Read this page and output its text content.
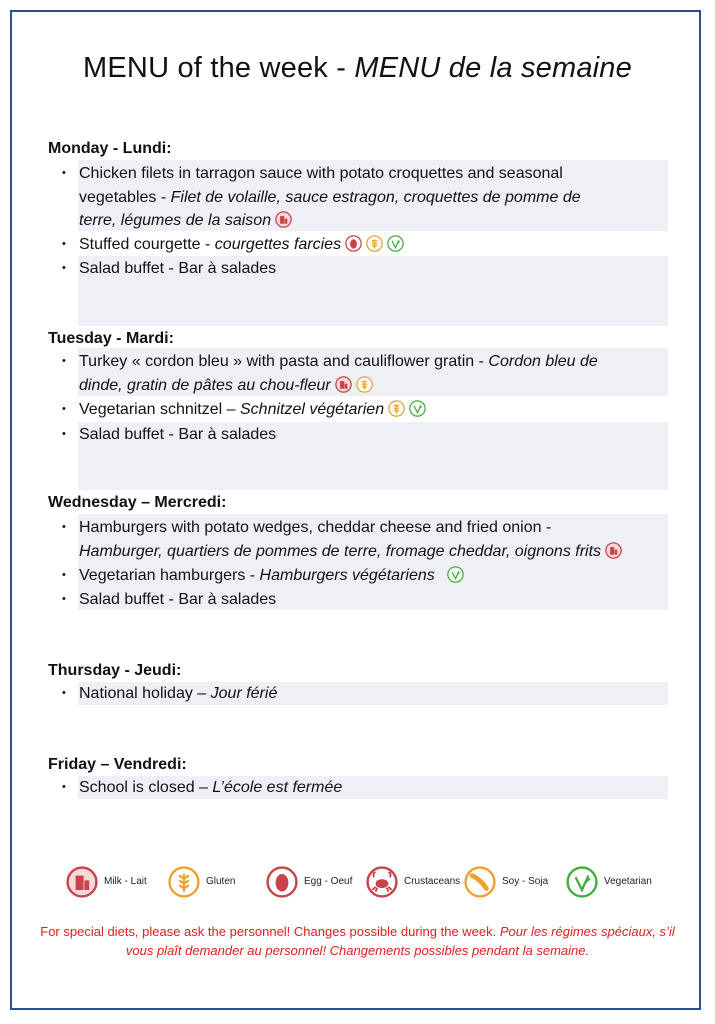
MENU of the week - MENU de la semaine
Monday - Lundi:
• Chicken filets in tarragon sauce with potato croquettes and seasonal
vegetables - Filet de volaille, sauce estragon, croquettes de pomme de
terre, légumes de la saison
• Stuffed courgette - courgettes farcies
• Salad buffet - Bar à salades
Tuesday - Mardi:
• Turkey « cordon bleu » with pasta and cauliflower gratin - Cordon bleu de
dinde, gratin de pâtes au chou-fleur
• Vegetarian schnitzel – Schnitzel végétarien
• Salad buffet - Bar à salades
Wednesday – Mercredi:
• Hamburgers with potato wedges, cheddar cheese and fried onion -
Hamburger, quartiers de pommes de terre, fromage cheddar, oignons frits
• Vegetarian hamburgers - Hamburgers végétariens
• Salad buffet - Bar à salades
Thursday - Jeudi:
• National holiday – Jour férié
Friday – Vendredi:
• School is closed – L’école est fermée
Milk - Lait	Gluten	Egg - Oeuf	Crustaceans	Soy - Soja	Vegetarian
For special diets, please ask the personnel! Changes possible during the week. Pour les régimes spéciaux, s’il vous plaît demander au personnel! Changements possibles pendant la semaine.
